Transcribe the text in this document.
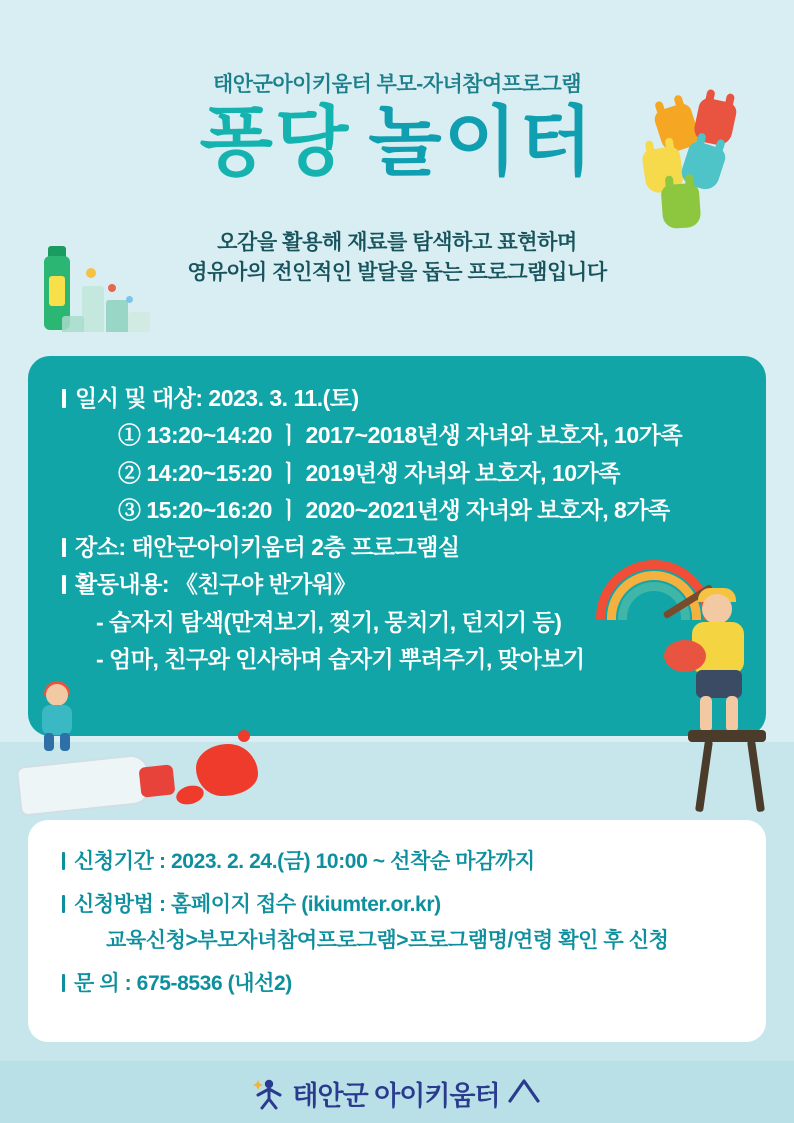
태안군아이키움터 부모-자녀참여프로그램
퐁당 놀이터
오감을 활용해 재료를 탐색하고 표현하며
영유아의 전인적인 발달을 돕는 프로그램입니다
일시 및 대상: 2023. 3. 11.(토)
① 13:20~14:20 ㅣ 2017~2018년생 자녀와 보호자, 10가족
② 14:20~15:20 ㅣ 2019년생 자녀와 보호자, 10가족
③ 15:20~16:20 ㅣ 2020~2021년생 자녀와 보호자, 8가족
장소: 태안군아이키움터 2층 프로그램실
활동내용: 《친구야 반가워》
- 습자지 탐색(만져보기, 찢기, 뭉치기, 던지기 등)
- 엄마, 친구와 인사하며 습자기 뿌려주기, 맞아보기
신청기간 : 2023. 2. 24.(금) 10:00 ~ 선착순 마감까지
신청방법 : 홈페이지 접수 (ikiumter.or.kr)
교육신청>부모자녀참여프로그램>프로그램명/연령 확인 후 신청
문 의 : 675-8536 (내선2)
태안군 아이키움터
